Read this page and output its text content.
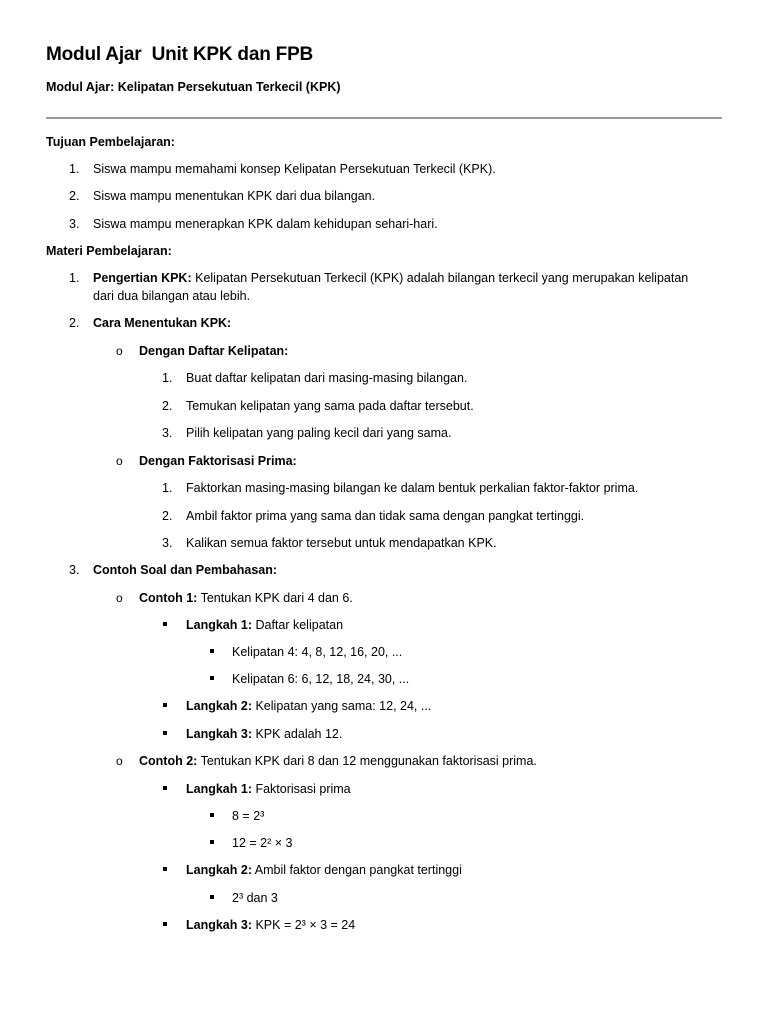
Modul Ajar  Unit KPK dan FPB
Modul Ajar: Kelipatan Persekutuan Terkecil (KPK)
Tujuan Pembelajaran:
1. Siswa mampu memahami konsep Kelipatan Persekutuan Terkecil (KPK).
2. Siswa mampu menentukan KPK dari dua bilangan.
3. Siswa mampu menerapkan KPK dalam kehidupan sehari-hari.
Materi Pembelajaran:
1. Pengertian KPK: Kelipatan Persekutuan Terkecil (KPK) adalah bilangan terkecil yang merupakan kelipatan
dari dua bilangan atau lebih.
2. Cara Menentukan KPK:
o Dengan Daftar Kelipatan:
1. Buat daftar kelipatan dari masing-masing bilangan.
2. Temukan kelipatan yang sama pada daftar tersebut.
3. Pilih kelipatan yang paling kecil dari yang sama.
o Dengan Faktorisasi Prima:
1. Faktorkan masing-masing bilangan ke dalam bentuk perkalian faktor-faktor prima.
2. Ambil faktor prima yang sama dan tidak sama dengan pangkat tertinggi.
3. Kalikan semua faktor tersebut untuk mendapatkan KPK.
3. Contoh Soal dan Pembahasan:
o Contoh 1: Tentukan KPK dari 4 dan 6.
Langkah 1: Daftar kelipatan
Kelipatan 4: 4, 8, 12, 16, 20, ...
Kelipatan 6: 6, 12, 18, 24, 30, ...
Langkah 2: Kelipatan yang sama: 12, 24, ...
Langkah 3: KPK adalah 12.
o Contoh 2: Tentukan KPK dari 8 dan 12 menggunakan faktorisasi prima.
Langkah 1: Faktorisasi prima
8 = 2³
12 = 2² × 3
Langkah 2: Ambil faktor dengan pangkat tertinggi
2³ dan 3
Langkah 3: KPK = 2³ × 3 = 24
